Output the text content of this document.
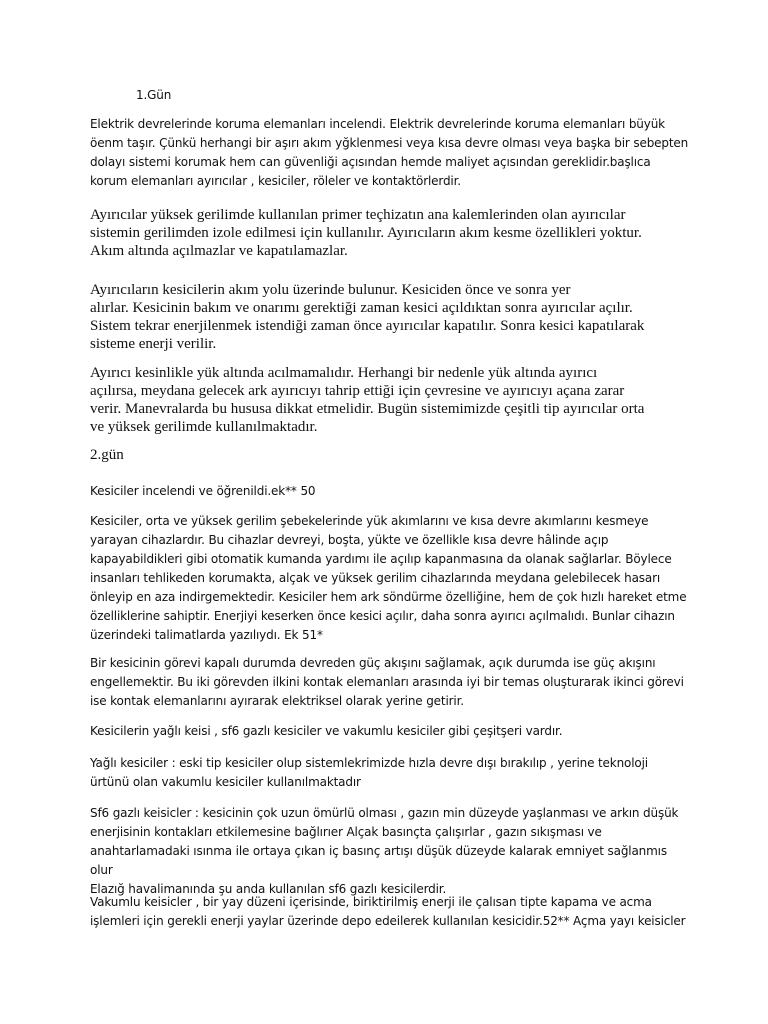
1.Gün

Elektrik devrelerinde koruma elemanları incelendi. Elektrik devrelerinde koruma elemanları büyük
öenm taşır. Çünkü herhangi bir aşırı akım yğklenmesi veya kısa devre olması veya başka bir sebepten
dolayı sistemi korumak hem can güvenliği açısından hemde maliyet açısından gereklidir.başlıca
korum elemanları ayırıcılar , kesiciler, röleler ve kontaktörlerdir.

Ayırıcılar yüksek gerilimde kullanılan primer teçhizatın ana kalemlerinden olan ayırıcılar
sistemin gerilimden izole edilmesi için kullanılır. Ayırıcıların akım kesme özellikleri yoktur.
Akım altında açılmazlar ve kapatılamazlar.

Ayırıcıların kesicilerin akım yolu üzerinde bulunur. Kesiciden önce ve sonra yer
alırlar. Kesicinin bakım ve onarımı gerektiği zaman kesici açıldıktan sonra ayırıcılar açılır.
Sistem tekrar enerjilenmek istendiği zaman önce ayırıcılar kapatılır. Sonra kesici kapatılarak
sisteme enerji verilir.

Ayırıcı kesinlikle yük altında acılmamalıdır. Herhangi bir nedenle yük altında ayırıcı
açılırsa, meydana gelecek ark ayırıcıyı tahrip ettiği için çevresine ve ayırıcıyı açana zarar
verir. Manevralarda bu hususa dikkat etmelidir. Bugün sistemimizde çeşitli tip ayırıcılar orta
ve yüksek gerilimde kullanılmaktadır.

2.gün

Kesiciler incelendi ve öğrenildi.ek** 50

Kesiciler, orta ve yüksek gerilim şebekelerinde yük akımlarını ve kısa devre akımlarını kesmeye
yarayan cihazlardır. Bu cihazlar devreyi, boşta, yükte ve özellikle kısa devre hâlinde açıp
kapayabildikleri gibi otomatik kumanda yardımı ile açılıp kapanmasına da olanak sağlarlar. Böylece
insanları tehlikeden korumakta, alçak ve yüksek gerilim cihazlarında meydana gelebilecek hasarı
önleyip en aza indirgemektedir. Kesiciler hem ark söndürme özelliğine, hem de çok hızlı hareket etme
özelliklerine sahiptir. Enerjiyi keserken önce kesici açılır, daha sonra ayırıcı açılmalıdı. Bunlar cihazın
üzerindeki talimatlarda yazılıydı. Ek 51*

Bir kesicinin görevi kapalı durumda devreden güç akışını sağlamak, açık durumda ise güç akışını
engellemektir. Bu iki görevden ilkini kontak elemanları arasında iyi bir temas oluşturarak ikinci görevi
ise kontak elemanlarını ayırarak elektriksel olarak yerine getirir.

Kesicilerin yağlı keisi , sf6 gazlı kesiciler ve vakumlu kesiciler gibi çeşitşeri vardır.

Yağlı kesiciler : eski tip kesiciler olup sistemlekrimizde hızla devre dışı bırakılıp , yerine teknoloji
ürtünü olan vakumlu kesiciler kullanılmaktadır

Sf6 gazlı keisicler : kesicinin çok uzun ömürlü olması , gazın min düzeyde yaşlanması ve arkın düşük
enerjisinin kontakları etkilemesine bağlırıer Alçak basınçta çalışırlar , gazın sıkışması ve
anahtarlamadaki ısınma ile ortaya çıkan iç basınç artışı düşük düzeyde kalarak emniyet sağlanmıs olur
Elazığ havalimanında şu anda kullanılan sf6 gazlı kesicilerdir.

Vakumlu keisicler , bir yay düzeni içerisinde, biriktirilmiş enerji ile çalısan tipte kapama ve acma
işlemleri için gerekli enerji yaylar üzerinde depo edeilerek kullanılan kesicidir.52** Açma yayı keisicler
